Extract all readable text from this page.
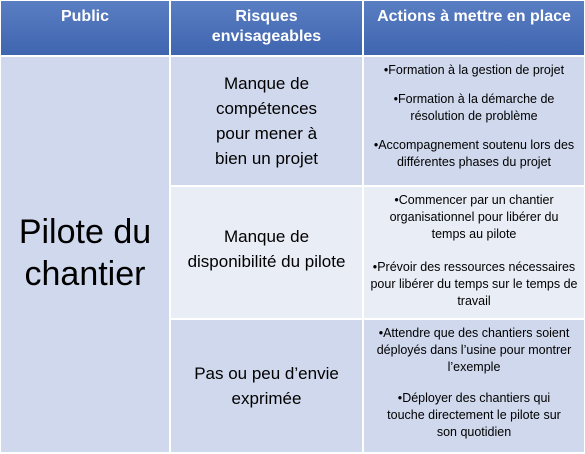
Public	Risques envisageables
Actions à mettre en place
Pilote du
chantier
Manque de compétences pour mener à bien un projet
• Formation à la gestion de projet
• Formation à la démarche de résolution de problème
• Accompagnement soutenu lors des différentes phases du projet
Manque de disponibilité du pilote
• Commencer par un chantier organisationnel pour libérer du temps au pilote
• Prévoir des ressources nécessaires pour libérer du temps sur le temps de travail
Pas ou peu d’envie exprimée
• Attendre que des chantiers soient déployés dans l’usine pour montrer l’exemple
• Déployer des chantiers qui touche directement le pilote sur son quotidien
